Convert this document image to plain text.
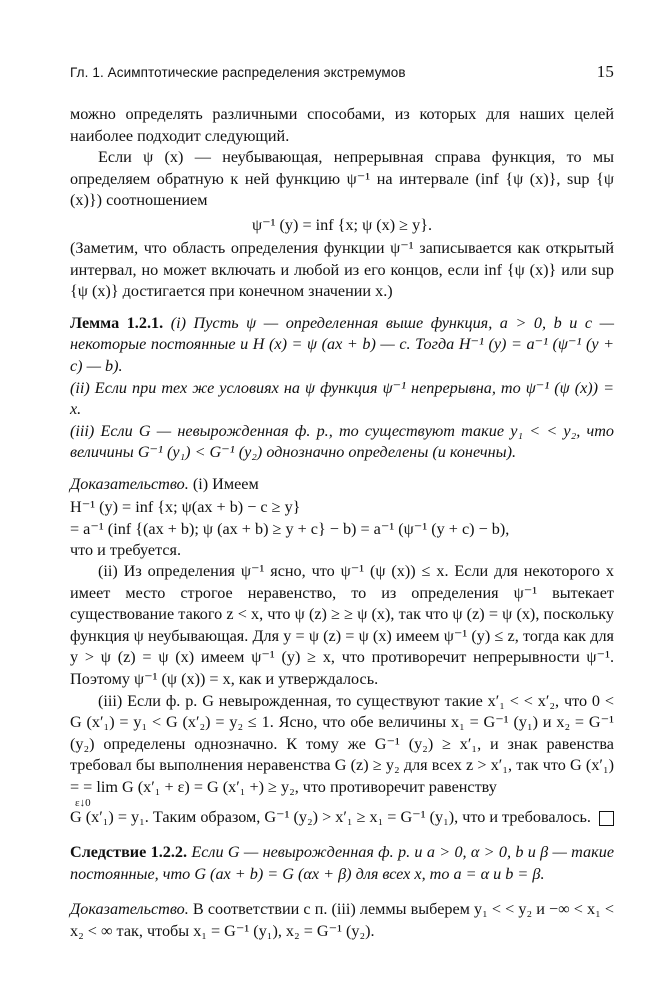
Гл. 1. Асимптотические распределения экстремумов	15

можно определять различными способами, из которых для наших целей наиболее подходит следующий.

Если ψ (x) — неубывающая, непрерывная справа функция, то мы определяем обратную к ней функцию ψ⁻¹ на интервале (inf {ψ (x)}, sup {ψ (x)}) соотношением

ψ⁻¹ (y) = inf {x; ψ (x) ≥ y}.

(Заметим, что область определения функции ψ⁻¹ записывается как открытый интервал, но может включать и любой из его концов, если inf {ψ (x)} или sup {ψ (x)} достигается при конечном значении x.)

Лемма 1.2.1. (i) Пусть ψ — определенная выше функция, a > 0, b и c — некоторые постоянные и H (x) = ψ (ax + b) — c. Тогда H⁻¹ (y) = a⁻¹ (ψ⁻¹ (y + c) — b).

(ii) Если при тех же условиях на ψ функция ψ⁻¹ непрерывна, то ψ⁻¹ (ψ (x)) = x.

(iii) Если G — невырожденная ф. р., то существуют такие y₁ < < y₂, что величины G⁻¹ (y₁) < G⁻¹ (y₂) однозначно определены (и конечны).

Доказательство. (i) Имеем

H⁻¹ (y) = inf {x; ψ(ax + b) − c ≥ y}
= a⁻¹ (inf {(ax + b); ψ (ax + b) ≥ y + c} − b) = a⁻¹ (ψ⁻¹ (y + c) − b),

что и требуется.

(ii) Из определения ψ⁻¹ ясно, что ψ⁻¹ (ψ (x)) ≤ x. Если для некоторого x имеет место строгое неравенство, то из определения ψ⁻¹ вытекает существование такого z < x, что ψ (z) ≥ ≥ ψ (x), так что ψ (z) = ψ (x), поскольку функция ψ неубывающая. Для y = ψ (z) = ψ (x) имеем ψ⁻¹ (y) ≤ z, тогда как для y > ψ (z) = ψ (x) имеем ψ⁻¹ (y) ≥ x, что противоречит непрерывности ψ⁻¹. Поэтому ψ⁻¹ (ψ (x)) = x, как и утверждалось.

(iii) Если ф. р. G невырожденная, то существуют такие x′₁ < < x′₂, что 0 < G (x′₁) = y₁ < G (x′₂) = y₂ ≤ 1. Ясно, что обе величины x₁ = G⁻¹ (y₁) и x₂ = G⁻¹ (y₂) определены однозначно. К тому же G⁻¹ (y₂) ≥ x′₁, и знак равенства требовал бы выполнения неравенства G (z) ≥ y₂ для всех z > x′₁, так что G (x′₁) = = lim G (x′₁ + ε) = G (x′₁ +) ≥ y₂, что противоречит равенству

ε↓0

G (x′₁) = y₁. Таким образом, G⁻¹ (y₂) > x′₁ ≥ x₁ = G⁻¹ (y₁), что и требовалось.

Следствие 1.2.2. Если G — невырожденная ф. р. и a > 0, α > 0, b и β — такие постоянные, что G (ax + b) = G (αx + β) для всех x, то a = α и b = β.

Доказательство. В соответствии с п. (iii) леммы выберем y₁ < < y₂ и −∞ < x₁ < x₂ < ∞ так, чтобы x₁ = G⁻¹ (y₁), x₂ = G⁻¹ (y₂).
